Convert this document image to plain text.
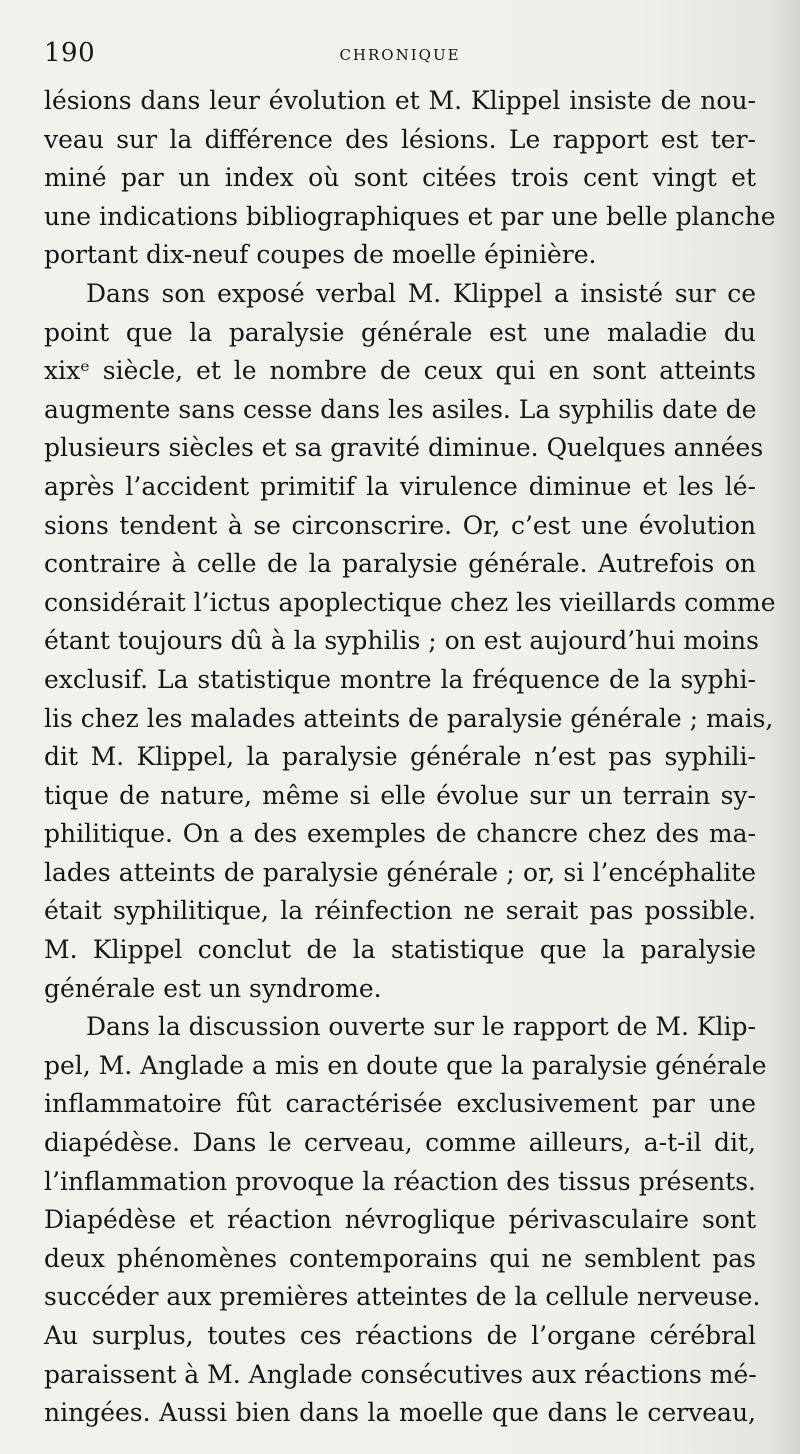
190	CHRONIQUE
lésions dans leur évolution et M. Klippel insiste de nou-
veau sur la différence des lésions. Le rapport est ter-
miné par un index où sont citées trois cent vingt et
une indications bibliographiques et par une belle planche
portant dix-neuf coupes de moelle épinière.
Dans son exposé verbal M. Klippel a insisté sur ce
point que la paralysie générale est une maladie du
xixᵉ siècle, et le nombre de ceux qui en sont atteints
augmente sans cesse dans les asiles. La syphilis date de
plusieurs siècles et sa gravité diminue. Quelques années
après l’accident primitif la virulence diminue et les lé-
sions tendent à se circonscrire. Or, c’est une évolution
contraire à celle de la paralysie générale. Autrefois on
considérait l’ictus apoplectique chez les vieillards comme
étant toujours dû à la syphilis ; on est aujourd’hui moins
exclusif. La statistique montre la fréquence de la syphi-
lis chez les malades atteints de paralysie générale ; mais,
dit M. Klippel, la paralysie générale n’est pas syphili-
tique de nature, même si elle évolue sur un terrain sy-
philitique. On a des exemples de chancre chez des ma-
lades atteints de paralysie générale ; or, si l’encéphalite
était syphilitique, la réinfection ne serait pas possible.
M. Klippel conclut de la statistique que la paralysie
générale est un syndrome.
Dans la discussion ouverte sur le rapport de M. Klip-
pel, M. Anglade a mis en doute que la paralysie générale
inflammatoire fût caractérisée exclusivement par une
diapédèse. Dans le cerveau, comme ailleurs, a-t-il dit,
l’inflammation provoque la réaction des tissus présents.
Diapédèse et réaction névroglique périvasculaire sont
deux phénomènes contemporains qui ne semblent pas
succéder aux premières atteintes de la cellule nerveuse.
Au surplus, toutes ces réactions de l’organe cérébral
paraissent à M. Anglade consécutives aux réactions mé-
ningées. Aussi bien dans la moelle que dans le cerveau,
